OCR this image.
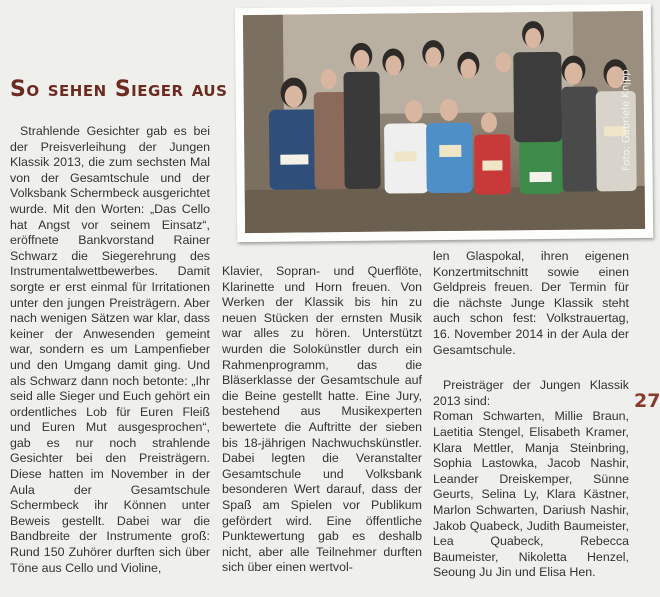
Foto: Gabriele Knjpp
So sehen Sieger aus

Strahlende Gesichter gab es bei der Preisverleihung der Jungen Klassik 2013, die zum sechsten Mal von der Gesamtschule und der Volksbank Schermbeck ausgerichtet wurde. Mit den Worten: „Das Cello hat Angst vor seinem Einsatz“, eröffnete Bankvorstand Rainer Schwarz die Siegerehrung des Instrumentalwettbewerbes. Damit sorgte er erst einmal für Irritationen unter den jungen Preisträgern. Aber nach wenigen Sätzen war klar, dass keiner der Anwesenden gemeint war, sondern es um Lampenfieber und den Umgang damit ging. Und als Schwarz dann noch betonte: „Ihr seid alle Sieger und Euch gehört ein ordentliches Lob für Euren Fleiß und Euren Mut ausgesprochen“, gab es nur noch strahlende Gesichter bei den Preisträgern. Diese hatten im November in der Aula der Gesamtschule Schermbeck ihr Können unter Beweis gestellt. Dabei war die Bandbreite der Instrumente groß: Rund 150 Zuhörer durften sich über Töne aus Cello und Violine,

Klavier, Sopran- und Querflöte, Klarinette und Horn freuen. Von Werken der Klassik bis hin zu neuen Stücken der ernsten Musik war alles zu hören. Unterstützt wurden die Solokünstler durch ein Rahmenprogramm, das die Bläserklasse der Gesamtschule auf die Beine gestellt hatte. Eine Jury, bestehend aus Musikexperten bewertete die Auftritte der sieben bis 18-jährigen Nachwuchskünstler. Dabei legten die Veranstalter Gesamtschule und Volksbank besonderen Wert darauf, dass der Spaß am Spielen vor Publikum gefördert wird. Eine öffentliche Punktewertung gab es deshalb nicht, aber alle Teilnehmer durften sich über einen wertvol-

len Glaspokal, ihren eigenen Konzertmitschnitt sowie einen Geldpreis freuen. Der Termin für die nächste Junge Klassik steht auch schon fest: Volkstrauertag, 16. November 2014 in der Aula der Gesamtschule.

Preisträger der Jungen Klassik 2013 sind:

Roman Schwarten, Millie Braun, Laetitia Stengel, Elisabeth Kramer, Klara Mettler, Manja Steinbring, Sophia Lastowka, Jacob Nashir, Leander Dreiskemper, Sünne Geurts, Selina Ly, Klara Kästner, Marlon Schwarten, Dariush Nashir, Jakob Quabeck, Judith Baumeister, Lea Quabeck, Rebecca Baumeister, Nikoletta Henzel, Seoung Ju Jin und Elisa Hen.

27
